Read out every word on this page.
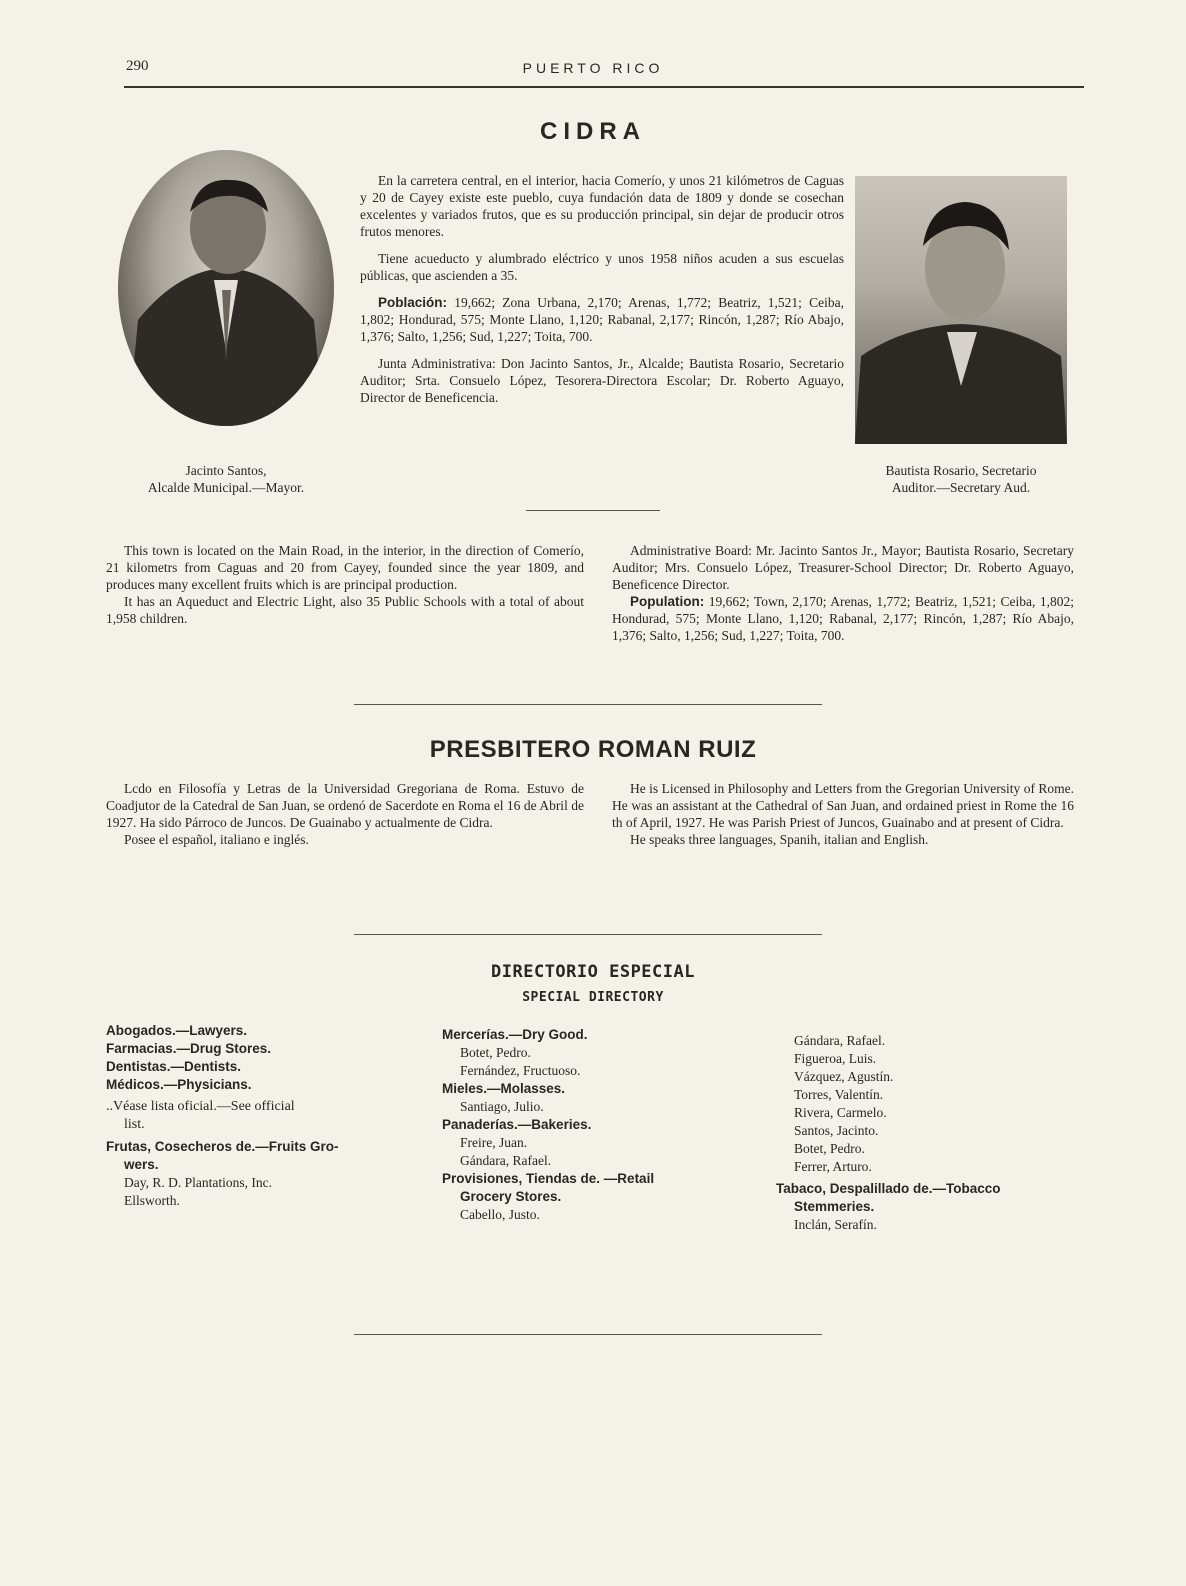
290	PUERTO RICO
CIDRA
Jacinto Santos,
Alcalde Municipal.—Mayor.
Bautista Rosario, Secretario
Auditor.—Secretary Aud.

En la carretera central, en el interior, hacia Comerío, y unos 21 kilómetros de Caguas y 20 de Cayey existe este pueblo, cuya fundación data de 1809 y donde se cosechan excelentes y variados frutos, que es su producción principal, sin dejar de producir otros frutos menores.

Tiene acueducto y alumbrado eléctrico y unos 1958 niños acuden a sus escuelas públicas, que ascienden a 35.

Población: 19,662; Zona Urbana, 2,170; Arenas, 1,772; Beatriz, 1,521; Ceiba, 1,802; Hondurad, 575; Monte Llano, 1,120; Rabanal, 2,177; Rincón, 1,287; Río Abajo, 1,376; Salto, 1,256; Sud, 1,227; Toita, 700.

Junta Administrativa: Don Jacinto Santos, Jr., Alcalde; Bautista Rosario, Secretario Auditor; Srta. Consuelo López, Tesorera-Directora Escolar; Dr. Roberto Aguayo, Director de Beneficencia.

This town is located on the Main Road, in the interior, in the direction of Comerío, 21 kilometrs from Caguas and 20 from Cayey, founded since the year 1809, and produces many excellent fruits which is are principal production.

It has an Aqueduct and Electric Light, also 35 Public Schools with a total of about 1,958 children.

Administrative Board: Mr. Jacinto Santos Jr., Mayor; Bautista Rosario, Secretary Auditor; Mrs. Consuelo López, Treasurer-School Director; Dr. Roberto Aguayo, Beneficence Director.

Population: 19,662; Town, 2,170; Arenas, 1,772; Beatriz, 1,521; Ceiba, 1,802; Hondurad, 575; Monte Llano, 1,120; Rabanal, 2,177; Rincón, 1,287; Río Abajo, 1,376; Salto, 1,256; Sud, 1,227; Toita, 700.

PRESBITERO ROMAN RUIZ

Lcdo en Filosofía y Letras de la Universidad Gregoriana de Roma. Estuvo de Coadjutor de la Catedral de San Juan, se ordenó de Sacerdote en Roma el 16 de Abril de 1927. Ha sido Párroco de Juncos. De Guainabo y actualmente de Cidra.

Posee el español, italiano e inglés.

He is Licensed in Philosophy and Letters from the Gregorian University of Rome. He was an assistant at the Cathedral of San Juan, and ordained priest in Rome the 16 th of April, 1927. He was Parish Priest of Juncos, Guainabo and at present of Cidra.

He speaks three languages, Spanih, italian and English.

DIRECTORIO ESPECIAL
SPECIAL DIRECTORY
Abogados.—Lawyers.
Farmacias.—Drug Stores.
Dentistas.—Dentists.
Médicos.—Physicians.
..Véase lista oficial.—See official
list.
Frutas, Cosecheros de.—Fruits Gro-
wers.
Day, R. D. Plantations, Inc.
Ellsworth.
Mercerías.—Dry Good.
Botet, Pedro.
Fernández, Fructuoso.
Mieles.—Molasses.
Santiago, Julio.
Panaderías.—Bakeries.
Freire, Juan.
Gándara, Rafael.
Provisiones, Tiendas de. —Retail
Grocery Stores.
Cabello, Justo.
Gándara, Rafael.
Figueroa, Luis.
Vázquez, Agustín.
Torres, Valentín.
Rivera, Carmelo.
Santos, Jacinto.
Botet, Pedro.
Ferrer, Arturo.
Tabaco, Despalillado de.—Tobacco
Stemmeries.
Inclán, Serafín.
